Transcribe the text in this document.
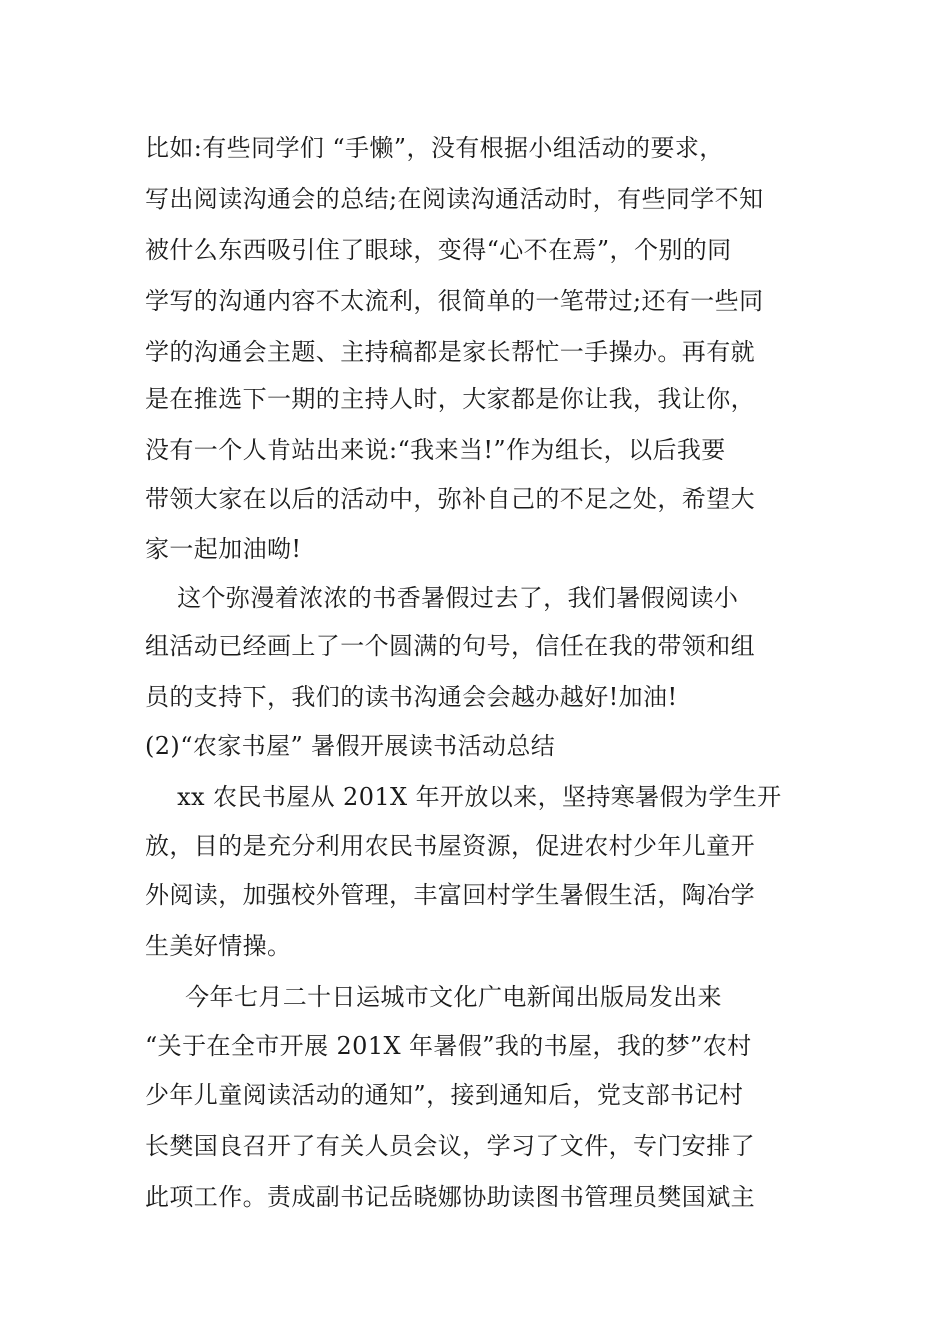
比如:有些同学们 “手懒”，没有根据小组活动的要求，
写出阅读沟通会的总结;在阅读沟通活动时，有些同学不知
被什么东西吸引住了眼球，变得“心不在焉”，个别的同
学写的沟通内容不太流利，很简单的一笔带过;还有一些同
学的沟通会主题、主持稿都是家长帮忙一手操办。再有就
是在推选下一期的主持人时，大家都是你让我，我让你，
没有一个人肯站出来说:“我来当!”作为组长，以后我要
带领大家在以后的活动中，弥补自己的不足之处，希望大
家一起加油呦!
这个弥漫着浓浓的书香暑假过去了，我们暑假阅读小
组活动已经画上了一个圆满的句号，信任在我的带领和组
员的支持下，我们的读书沟通会会越办越好!加油!
(2)“农家书屋” 暑假开展读书活动总结
xx 农民书屋从 201X 年开放以来，坚持寒暑假为学生开
放，目的是充分利用农民书屋资源，促进农村少年儿童开
外阅读，加强校外管理，丰富回村学生暑假生活，陶冶学
生美好情操。
今年七月二十日运城市文化广电新闻出版局发出来
“关于在全市开展 201X 年暑假”我的书屋，我的梦”农村
少年儿童阅读活动的通知”，接到通知后，党支部书记村
长樊国良召开了有关人员会议，学习了文件，专门安排了
此项工作。责成副书记岳晓娜协助读图书管理员樊国斌主
